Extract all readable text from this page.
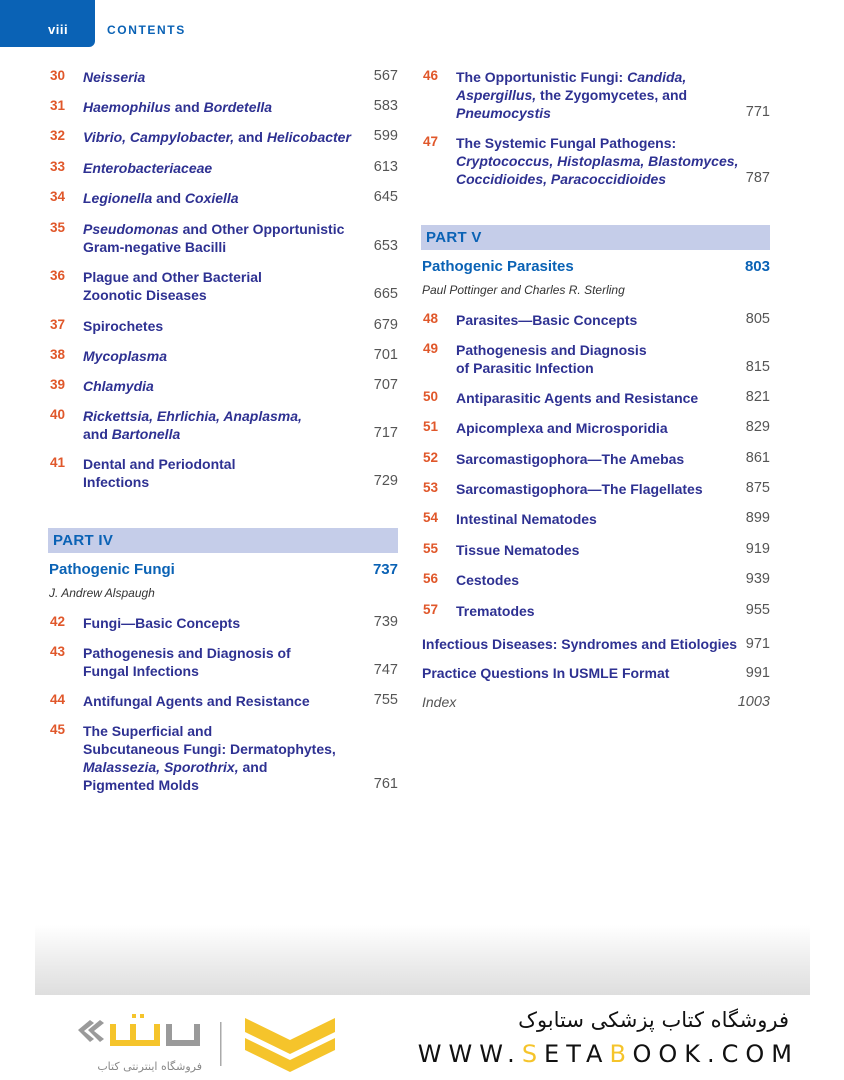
viii	CONTENTS
30 Neisseria	567
31 Haemophilus and Bordetella	583
32 Vibrio, Campylobacter, and Helicobacter 599
33 Enterobacteriaceae	613
34 Legionella and Coxiella	645
35 Pseudomonas and Other Opportunistic
Gram-negative Bacilli	653
36 Plague and Other Bacterial
Zoonotic Diseases	665
37 Spirochetes	679
38 Mycoplasma	701
39 Chlamydia	707
40 Rickettsia, Ehrlichia, Anaplasma,
and Bartonella	717
41 Dental and Periodontal
Infections	729
PART IV
Pathogenic Fungi	737
J. Andrew Alspaugh
42 Fungi—Basic Concepts	739
43 Pathogenesis and Diagnosis of
Fungal Infections	747
44 Antifungal Agents and Resistance	755
45 The Superficial and
Subcutaneous Fungi: Dermatophytes,
Malassezia, Sporothrix, and
Pigmented Molds	761
46 The Opportunistic Fungi: Candida,
Aspergillus, the Zygomycetes, and
Pneumocystis	771
47 The Systemic Fungal Pathogens:
Cryptococcus, Histoplasma, Blastomyces,
Coccidioides, Paracoccidioides	787
PART V
Pathogenic Parasites	803
Paul Pottinger and Charles R. Sterling
48 Parasites—Basic Concepts	805
49 Pathogenesis and Diagnosis
of Parasitic Infection	815
50 Antiparasitic Agents and Resistance	821
51 Apicomplexa and Microsporidia	829
52 Sarcomastigophora—The Amebas	861
53 Sarcomastigophora—The Flagellates	875
54 Intestinal Nematodes	899
55 Tissue Nematodes	919
56 Cestodes	939
57 Trematodes	955
Infectious Diseases: Syndromes and Etiologies 971
Practice Questions In USMLE Format	991
Index	1003
فروشگاه اینترنتی کتاب
فروشگاه کتاب پزشکی ستابوک
WWW.SETABOOK.COM
